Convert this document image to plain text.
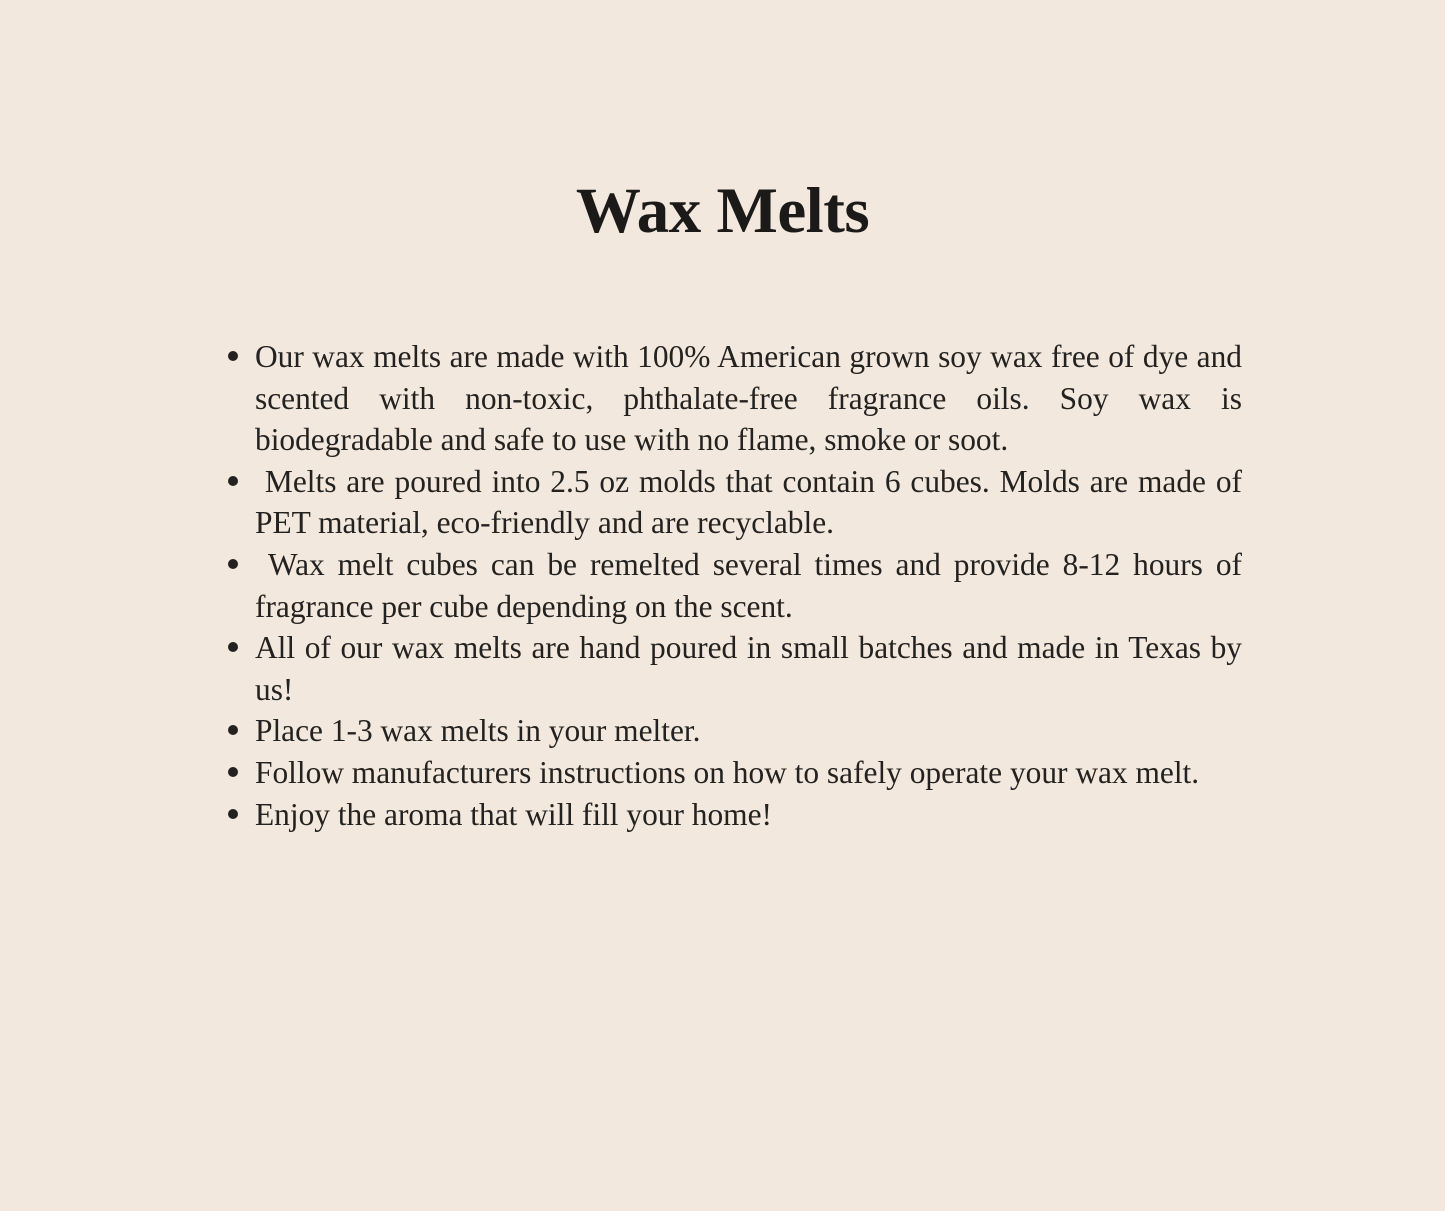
Wax Melts
Our wax melts are made with 100% American grown soy wax free of dye and scented with non-toxic, phthalate-free fragrance oils. Soy wax is biodegradable and safe to use with no flame, smoke or soot.
Melts are poured into 2.5 oz molds that contain 6 cubes. Molds are made of PET material, eco-friendly and are recyclable.
Wax melt cubes can be remelted several times and provide 8-12 hours of fragrance per cube depending on the scent.
All of our wax melts are hand poured in small batches and made in Texas by us!
Place 1-3 wax melts in your melter.
Follow manufacturers instructions on how to safely operate your wax melt.
Enjoy the aroma that will fill your home!
